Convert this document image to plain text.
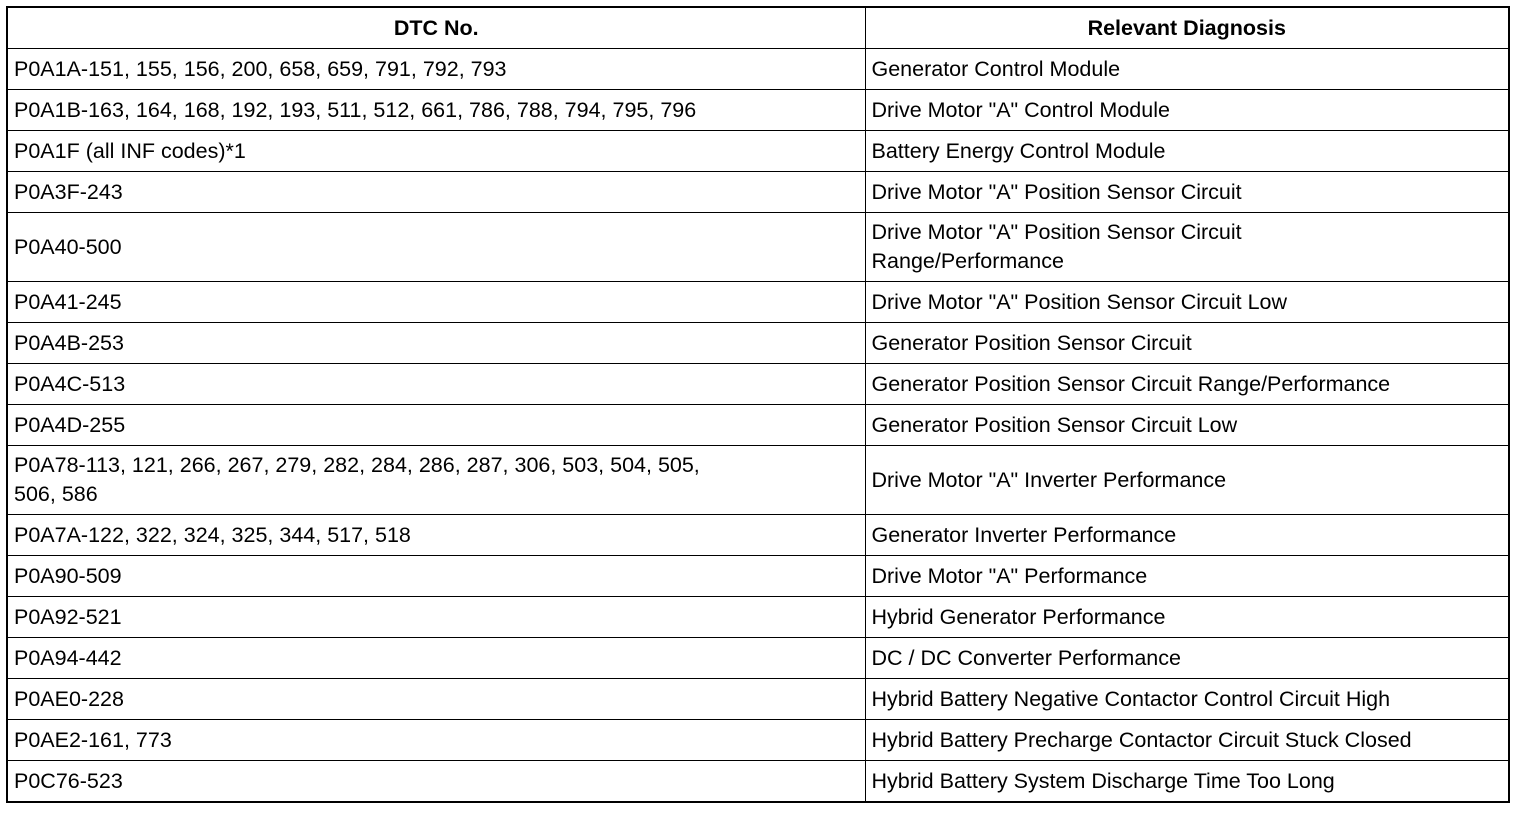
DTC No.	Relevant Diagnosis
P0A1A-151, 155, 156, 200, 658, 659, 791, 792, 793	Generator Control Module
P0A1B-163, 164, 168, 192, 193, 511, 512, 661, 786, 788, 794, 795, 796	Drive Motor "A" Control Module
P0A1F (all INF codes)*1	Battery Energy Control Module
P0A3F-243	Drive Motor "A" Position Sensor Circuit
P0A40-500	Drive Motor "A" Position Sensor Circuit
Range/Performance
P0A41-245	Drive Motor "A" Position Sensor Circuit Low
P0A4B-253	Generator Position Sensor Circuit
P0A4C-513	Generator Position Sensor Circuit Range/Performance
P0A4D-255	Generator Position Sensor Circuit Low
P0A78-113, 121, 266, 267, 279, 282, 284, 286, 287, 306, 503, 504, 505,
506, 586	Drive Motor "A" Inverter Performance
P0A7A-122, 322, 324, 325, 344, 517, 518	Generator Inverter Performance
P0A90-509	Drive Motor "A" Performance
P0A92-521	Hybrid Generator Performance
P0A94-442	DC / DC Converter Performance
P0AE0-228	Hybrid Battery Negative Contactor Control Circuit High
P0AE2-161, 773	Hybrid Battery Precharge Contactor Circuit Stuck Closed
P0C76-523	Hybrid Battery System Discharge Time Too Long
